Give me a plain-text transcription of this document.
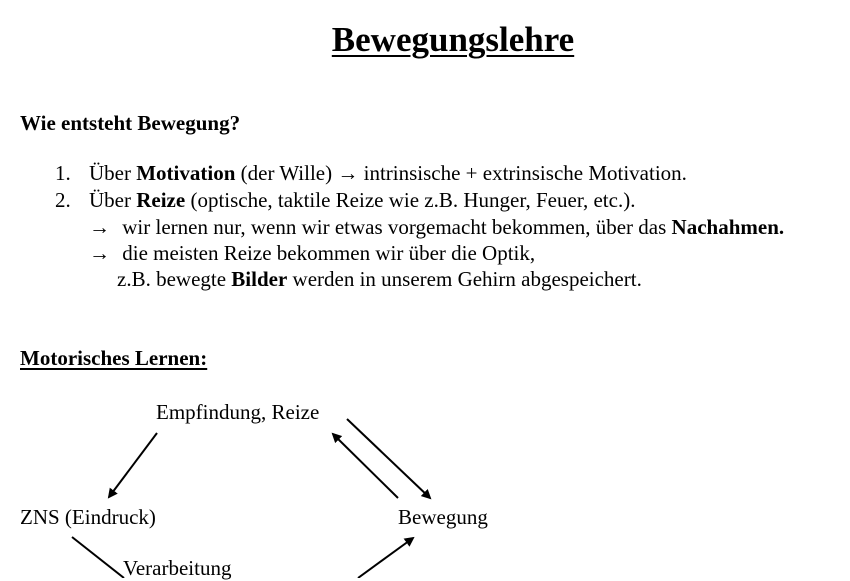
Bewegungslehre
Wie entsteht Bewegung?
1. Über Motivation (der Wille) → intrinsische + extrinsische Motivation.
2. Über Reize (optische, taktile Reize wie z.B. Hunger, Feuer, etc.).
→ wir lernen nur, wenn wir etwas vorgemacht bekommen, über das Nachahmen.
→ die meisten Reize bekommen wir über die Optik,
z.B. bewegte Bilder werden in unserem Gehirn abgespeichert.
Motorisches Lernen:
Empfindung, Reize
ZNS (Eindruck)	Bewegung
Verarbeitung
